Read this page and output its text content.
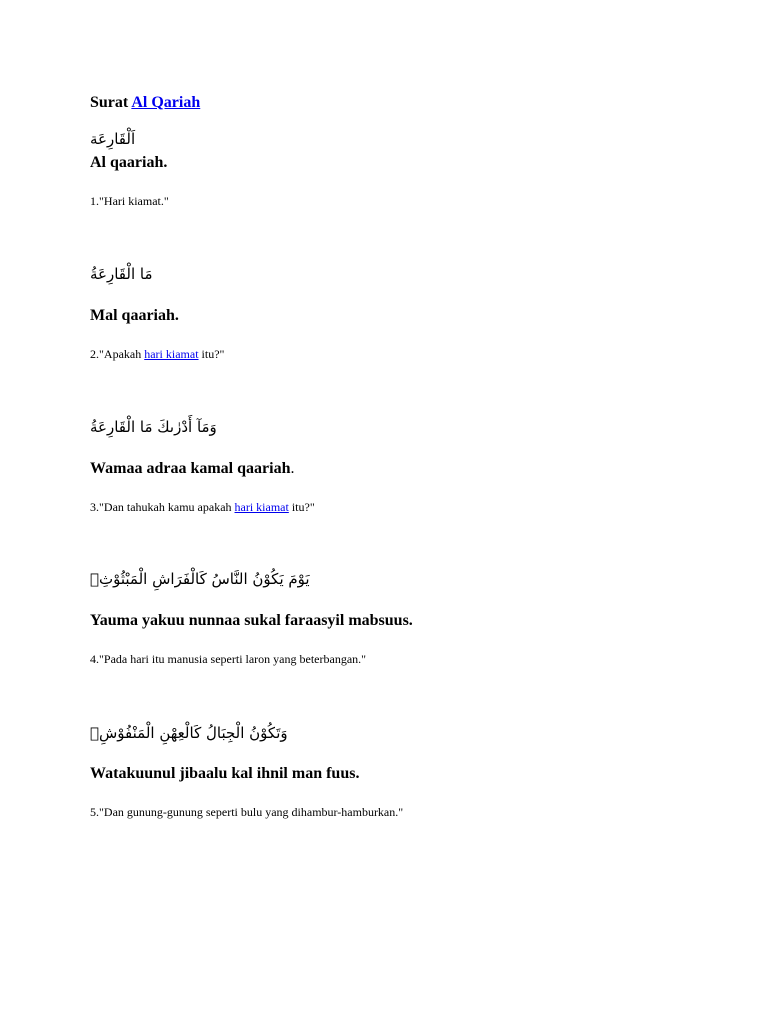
Surat Al Qariah
اَلْقَارِعَة
Al qaariah.
1."Hari kiamat."
مَا الْقَارِعَةُ
Mal qaariah.
2."Apakah hari kiamat itu?"
وَمَآ أَدْرٰىكَ مَا الْقَارِعَةُ
Wamaa adraa kamal qaariah.
3."Dan tahukah kamu apakah hari kiamat itu?"
يَوْمَ يَكُوْنُ النَّاسُ كَالْفَرَاشِ الْمَبْثُوْثِۙ
Yauma yakuu nunnaa sukal faraasyil mabsuus.
4."Pada hari itu manusia seperti laron yang beterbangan."
وَتَكُوْنُ الْجِبَالُ كَالْعِهْنِ الْمَنْفُوْشِۗ
Watakuunul jibaalu kal ihnil man fuus.
5."Dan gunung-gunung seperti bulu yang dihambur-hamburkan."
